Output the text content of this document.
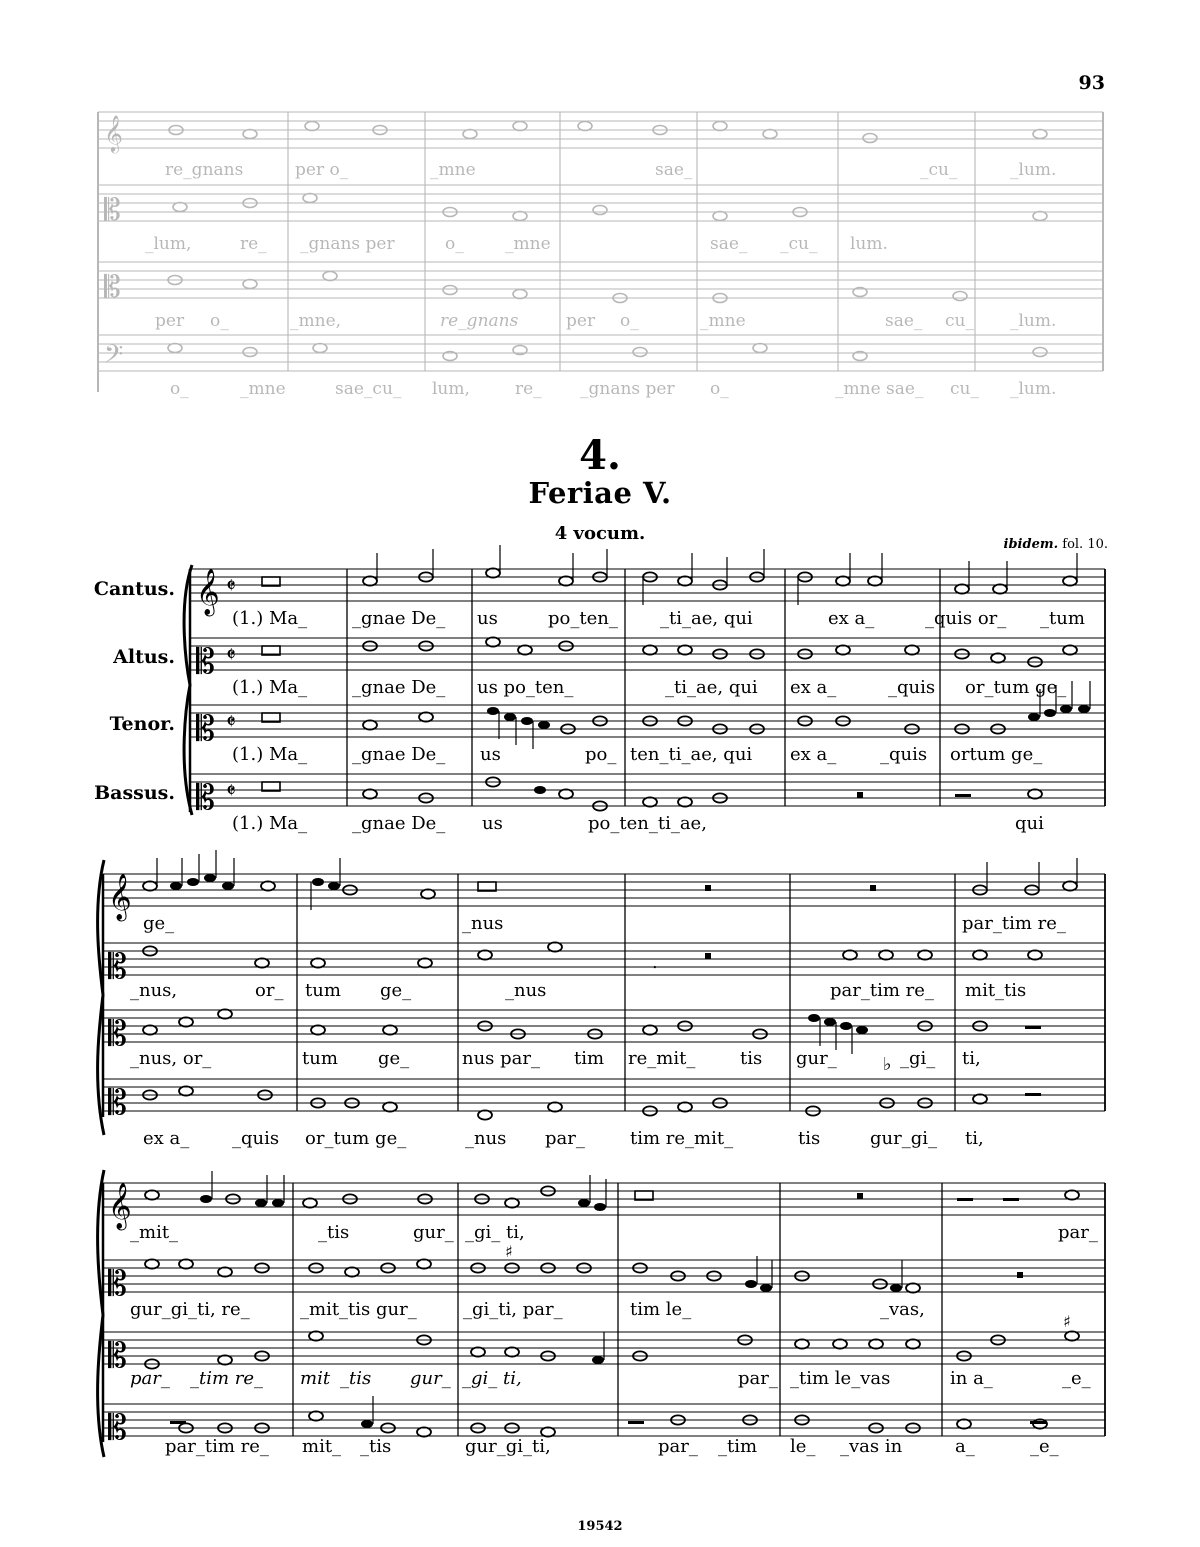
93
19542
𝄞
𝄡
𝄡
𝄢
re_gnans	per o_	_mne	sae_	_cu_	_lum.
_lum,	re_ _gnans per	o_ _mne	sae_ _cu_ lum.
per o_	_mne,	re_gnans	per o_	_mne	sae_ cu_ _lum.
o_	_mne	sae_cu_ lum,	re_ _gnans per o_	_mne sae_ cu_ _lum.
4.
Feriae V.
4 vocum.
ibidem. fol. 10.
Cantus.
Altus.
Tenor.
Bassus.
𝄞
𝄡
𝄡
𝄡
𝄵
𝄵
𝄵
𝄵
(1.) Ma_ _gnae De_ us	po_ten_ _ti_ae, qui	ex a_	_quis or_ _tum
(1.) Ma_ _gnae De_ us po_ten_	_ti_ae, qui ex a_	_quis or_tum ge_
(1.) Ma_ _gnae De_ us	po_ ten_ti_ae, qui ex a_ _quis ortum ge_
(1.) Ma_ _gnae De_ us	po_ten_ti_ae,	qui
𝄞
𝄡
𝄡
𝄡
.
♭
ge_	_nus	par_tim re_
_nus,	or_ tum ge_	_nus	par_tim re_ mit_tis
_nus, or_	tum ge_	nus par_ tim re_mit_ tis gur_	_gi_ ti,
ex a_ _quis or_tum ge_	_nus par_	tim re_mit_	tis	gur_gi_ ti,
𝄞
𝄡
𝄡
𝄡
♯
♯
_mit_	_tis	gur_ _gi_ ti,	par_
gur_gi_ti, re_	_mit_tis gur_	_gi_ti, par_	tim le_	_vas,
par_ _tim re_ mit _tis gur_ _gi_ ti,	par_ _tim le_vas	in a_	_e_
par_tim re_ mit_ _tis	gur_gi_ti,	par_ _tim le_ _vas in	a_	_e_
